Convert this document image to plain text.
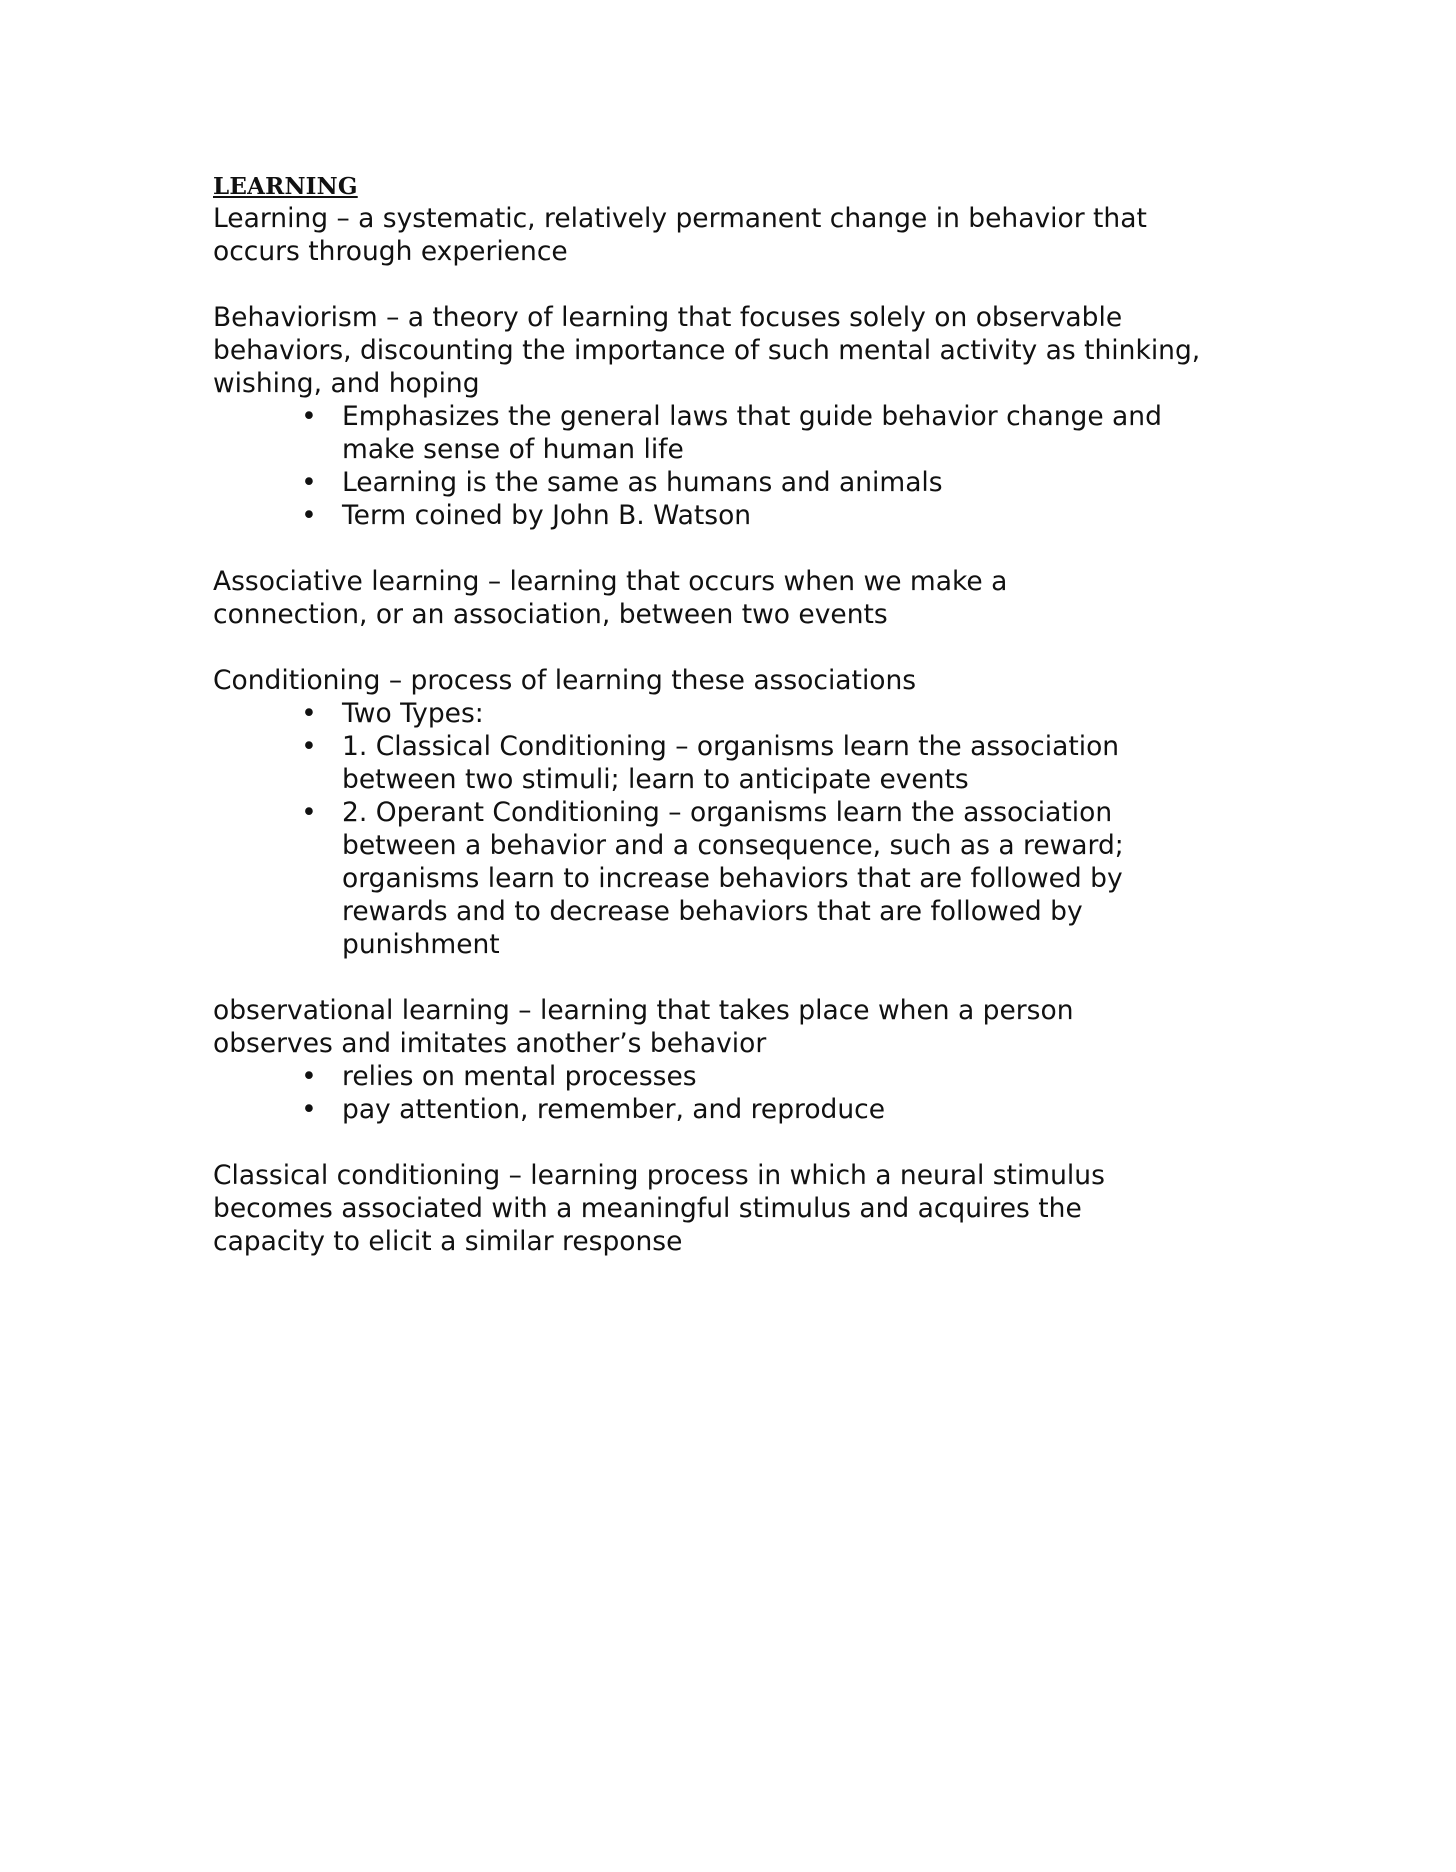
LEARNING

Learning – a systematic, relatively permanent change in behavior that occurs through experience

Behaviorism – a theory of learning that focuses solely on observable behaviors, discounting the importance of such mental activity as thinking, wishing, and hoping

• Emphasizes the general laws that guide behavior change and make sense of human life
• Learning is the same as humans and animals
• Term coined by John B. Watson

Associative learning – learning that occurs when we make a connection, or an association, between two events

Conditioning – process of learning these associations

• Two Types:
• 1. Classical Conditioning – organisms learn the association between two stimuli; learn to anticipate events
• 2. Operant Conditioning – organisms learn the association between a behavior and a consequence, such as a reward; organisms learn to increase behaviors that are followed by rewards and to decrease behaviors that are followed by punishment

observational learning – learning that takes place when a person observes and imitates another’s behavior

• relies on mental processes
• pay attention, remember, and reproduce

Classical conditioning – learning process in which a neural stimulus becomes associated with a meaningful stimulus and acquires the capacity to elicit a similar response
